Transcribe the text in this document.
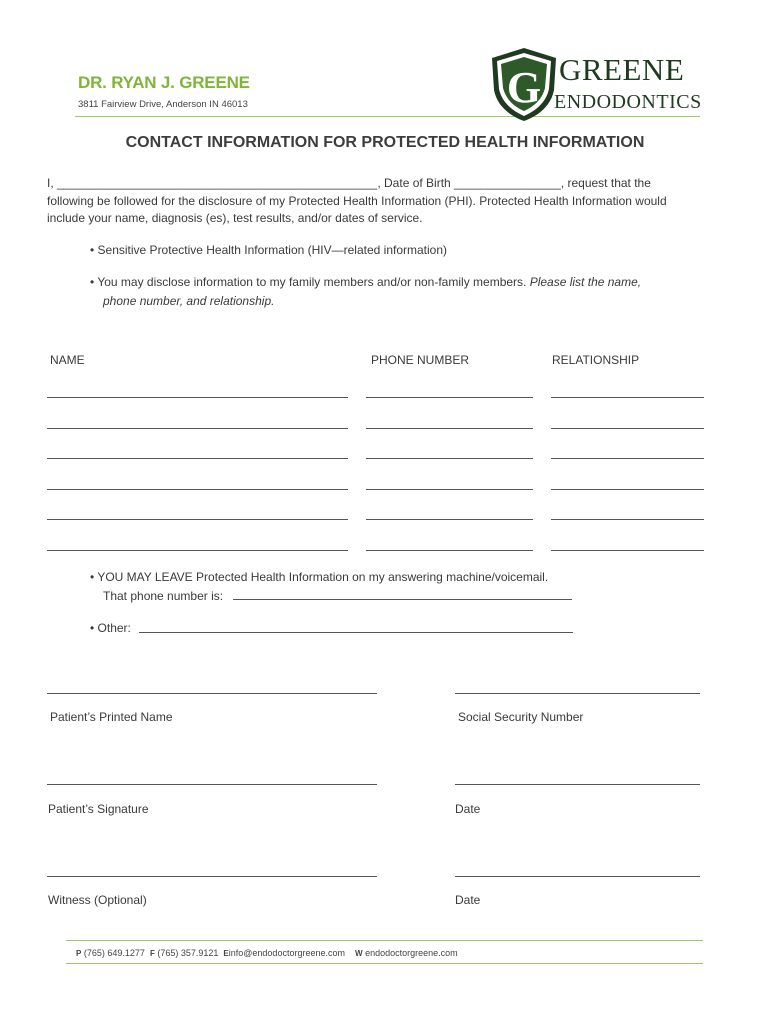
DR. RYAN J. GREENE
3811 Fairview Drive, Anderson IN 46013	G GREENE
ENDODONTICS
CONTACT INFORMATION FOR PROTECTED HEALTH INFORMATION
I, ________________________________________________, Date of Birth ________________, request that the
following be followed for the disclosure of my Protected Health Information (PHI). Protected Health Information would
include your name, diagnosis (es), test results, and/or dates of service.
• Sensitive Protective Health Information (HIV—related information)
• You may disclose information to my family members and/or non-family members. Please list the name,
phone number, and relationship.
NAME	PHONE NUMBER	RELATIONSHIP
• YOU MAY LEAVE Protected Health Information on my answering machine/voicemail.
That phone number is:
• Other:
Patient’s Printed Name	Social Security Number
Patient’s Signature	Date
Witness (Optional)	Date
P (765) 649.1277 F (765) 357.9121 Einfo@endodoctorgreene.com W endodoctorgreene.com
